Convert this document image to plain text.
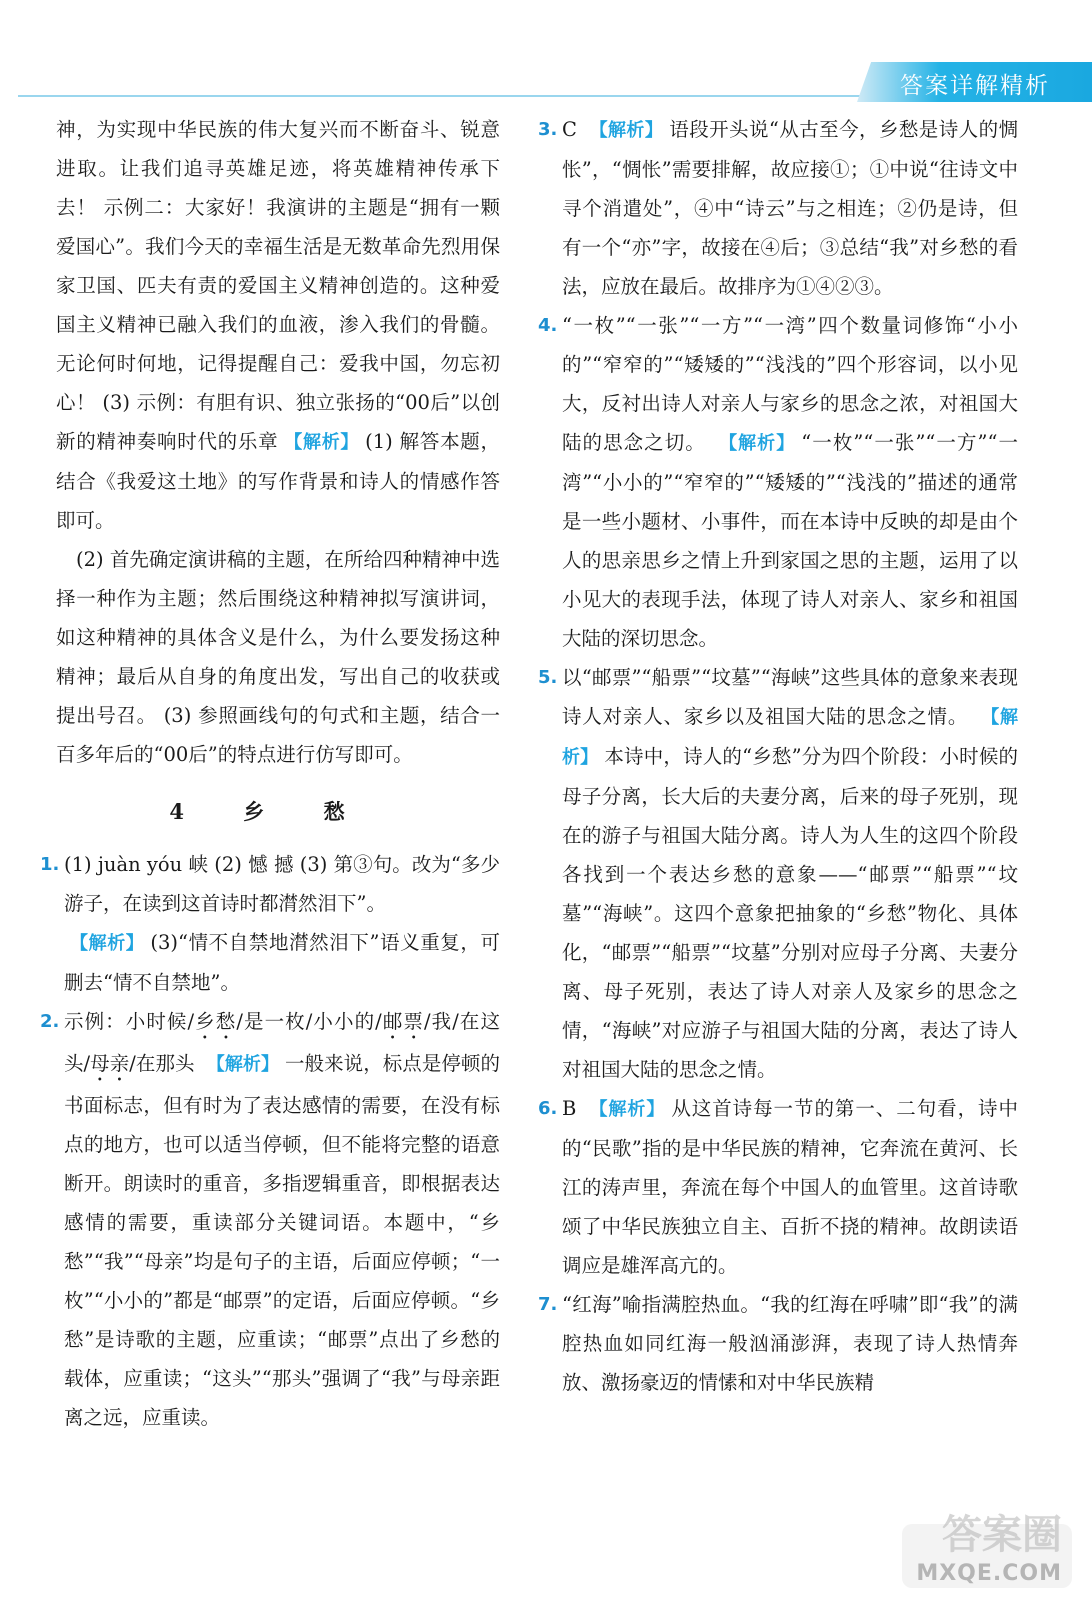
答案详解精析

神，为实现中华民族的伟大复兴而不断奋斗、锐意进取。让我们追寻英雄足迹，将英雄精神传承下去！ 示例二：大家好！我演讲的主题是“拥有一颗爱国心”。我们今天的幸福生活是无数革命先烈用保家卫国、匹夫有责的爱国主义精神创造的。这种爱国主义精神已融入我们的血液，渗入我们的骨髓。无论何时何地，记得提醒自己：爱我中国，勿忘初心！ (3) 示例：有胆有识、独立张扬的“00后”以创新的精神奏响时代的乐章 【解析】 (1) 解答本题，结合《我爱这土地》的写作背景和诗人的情感作答即可。

(2) 首先确定演讲稿的主题，在所给四种精神中选择一种作为主题；然后围绕这种精神拟写演讲词，如这种精神的具体含义是什么，为什么要发扬这种精神；最后从自身的角度出发，写出自己的收获或提出号召。 (3) 参照画线句的句式和主题，结合一百多年后的“00后”的特点进行仿写即可。

4 乡 愁

1. (1) juàn yóu 峡 (2) 憾 撼 (3) 第③句。改为“多少游子，在读到这首诗时都潸然泪下”。
【解析】 (3)“情不自禁地潸然泪下”语义重复，可删去“情不自禁地”。

2. 示例：小时候/乡愁/是一枚/小小的/邮票/我/在这头/母亲/在那头 【解析】 一般来说，标点是停顿的书面标志，但有时为了表达感情的需要，在没有标点的地方，也可以适当停顿，但不能将完整的语意断开。朗读时的重音，多指逻辑重音，即根据表达感情的需要，重读部分关键词语。本题中，“乡愁”“我”“母亲”均是句子的主语，后面应停顿；“一枚”“小小的”都是“邮票”的定语，后面应停顿。“乡愁”是诗歌的主题，应重读；“邮票”点出了乡愁的载体，应重读；“这头”“那头”强调了“我”与母亲距离之远，应重读。

3. C 【解析】 语段开头说“从古至今，乡愁是诗人的惆怅”，“惆怅”需要排解，故应接①；①中说“往诗文中寻个消遣处”，④中“诗云”与之相连；②仍是诗，但有一个“亦”字，故接在④后；③总结“我”对乡愁的看法，应放在最后。故排序为①④②③。

4. “一枚”“一张”“一方”“一湾”四个数量词修饰“小小的”“窄窄的”“矮矮的”“浅浅的”四个形容词，以小见大，反衬出诗人对亲人与家乡的思念之浓，对祖国大陆的思念之切。 【解析】 “一枚”“一张”“一方”“一湾”“小小的”“窄窄的”“矮矮的”“浅浅的”描述的通常是一些小题材、小事件，而在本诗中反映的却是由个人的思亲思乡之情上升到家国之思的主题，运用了以小见大的表现手法，体现了诗人对亲人、家乡和祖国大陆的深切思念。

5. 以“邮票”“船票”“坟墓”“海峡”这些具体的意象来表现诗人对亲人、家乡以及祖国大陆的思念之情。 【解析】 本诗中，诗人的“乡愁”分为四个阶段：小时候的母子分离，长大后的夫妻分离，后来的母子死别，现在的游子与祖国大陆分离。诗人为人生的这四个阶段各找到一个表达乡愁的意象——“邮票”“船票”“坟墓”“海峡”。这四个意象把抽象的“乡愁”物化、具体化，“邮票”“船票”“坟墓”分别对应母子分离、夫妻分离、母子死别，表达了诗人对亲人及家乡的思念之情，“海峡”对应游子与祖国大陆的分离，表达了诗人对祖国大陆的思念之情。

6. B 【解析】 从这首诗每一节的第一、二句看，诗中的“民歌”指的是中华民族的精神，它奔流在黄河、长江的涛声里，奔流在每个中国人的血管里。这首诗歌颂了中华民族独立自主、百折不挠的精神。故朗读语调应是雄浑高亢的。

7. “红海”喻指满腔热血。“我的红海在呼啸”即“我”的满腔热血如同红海一般汹涌澎湃，表现了诗人热情奔放、激扬豪迈的情愫和对中华民族精

答案圈
MXQE.COM
